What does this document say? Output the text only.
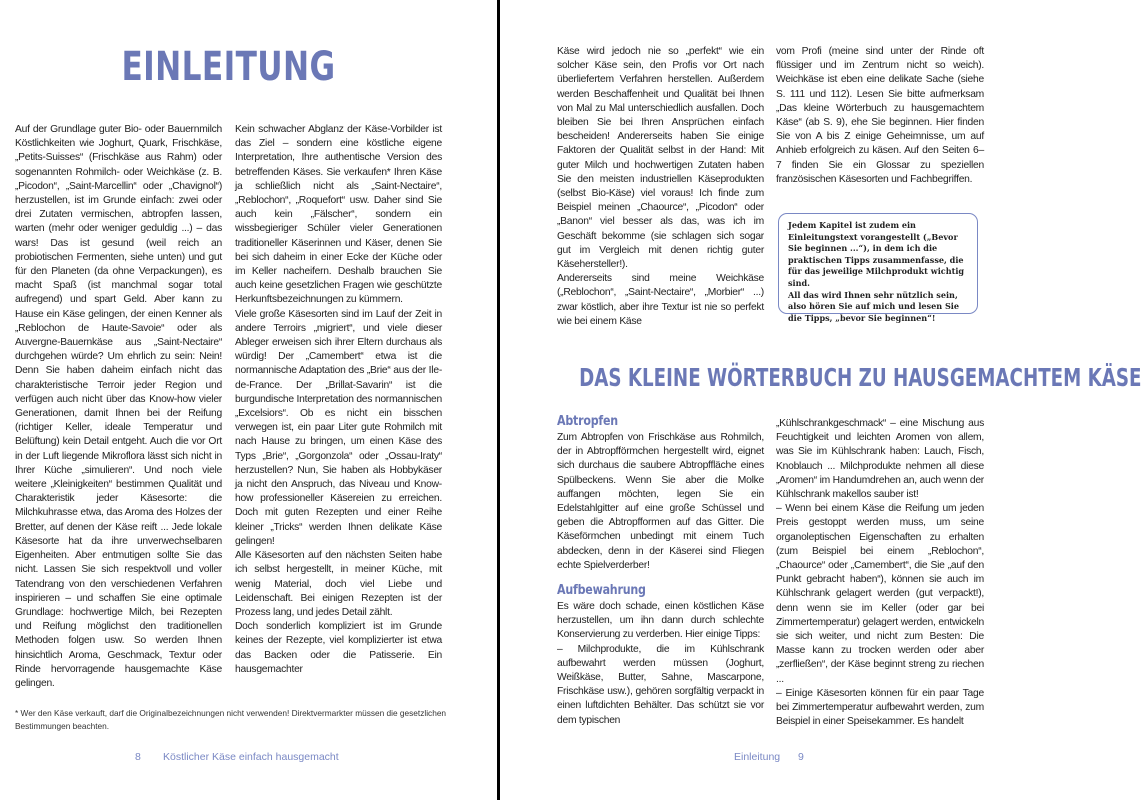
EINLEITUNG

Auf der Grundlage guter Bio- oder Bauernmilch Köstlichkeiten wie Joghurt, Quark, Frischkäse, „Petits-Suisses“ (Frischkäse aus Rahm) oder sogenannten Rohmilch- oder Weichkäse (z. B. „Picodon“, „Saint-Marcellin“ oder „Chavignol“) herzustellen, ist im Grunde einfach: zwei oder drei Zutaten vermischen, abtropfen lassen, warten (mehr oder weniger geduldig ...) – das wars! Das ist gesund (weil reich an probiotischen Fermenten, siehe unten) und gut für den Planeten (da ohne Verpackungen), es macht Spaß (ist manchmal sogar total aufregend) und spart Geld. Aber kann zu Hause ein Käse gelingen, der einen Kenner als „Reblochon de Haute-Savoie“ oder als Auvergne-Bauernkäse aus „Saint-Nectaire“ durchgehen würde? Um ehrlich zu sein: Nein! Denn Sie haben daheim einfach nicht das charakteristische Terroir jeder Region und verfügen auch nicht über das Know-how vieler Generationen, damit Ihnen bei der Reifung (richtiger Keller, ideale Temperatur und Belüftung) kein Detail entgeht. Auch die vor Ort in der Luft liegende Mikroflora lässt sich nicht in Ihrer Küche „simulieren“. Und noch viele weitere „Kleinigkeiten“ bestimmen Qualität und Charakteristik jeder Käsesorte: die Milchkuhrasse etwa, das Aroma des Holzes der Bretter, auf denen der Käse reift ... Jede lokale Käsesorte hat da ihre unverwechselbaren Eigenheiten. Aber entmutigen sollte Sie das nicht. Lassen Sie sich respektvoll und voller Tatendrang von den verschiedenen Verfahren inspirieren – und schaffen Sie eine optimale Grundlage: hochwertige Milch, bei Rezepten und Reifung möglichst den traditionellen Methoden folgen usw. So werden Ihnen hinsichtlich Aroma, Geschmack, Textur oder Rinde hervorragende hausgemachte Käse gelingen.

Kein schwacher Abglanz der Käse-Vorbilder ist das Ziel – sondern eine köstliche eigene Interpretation, Ihre authentische Version des betreffenden Käses. Sie verkaufen* Ihren Käse ja schließlich nicht als „Saint-Nectaire“, „Reblochon“, „Roquefort“ usw. Daher sind Sie auch kein „Fälscher“, sondern ein wissbegieriger Schüler vieler Generationen traditioneller Käserinnen und Käser, denen Sie bei sich daheim in einer Ecke der Küche oder im Keller nacheifern. Deshalb brauchen Sie auch keine gesetzlichen Fragen wie geschützte Herkunftsbezeichnungen zu kümmern.

Viele große Käsesorten sind im Lauf der Zeit in andere Terroirs „migriert“, und viele dieser Ableger erweisen sich ihrer Eltern durchaus als würdig! Der „Camembert“ etwa ist die normannische Adaptation des „Brie“ aus der Ile-de-France. Der „Brillat-Savarin“ ist die burgundische Interpretation des normannischen „Excelsiors“. Ob es nicht ein bisschen verwegen ist, ein paar Liter gute Rohmilch mit nach Hause zu bringen, um einen Käse des Typs „Brie“, „Gorgonzola“ oder „Ossau-Iraty“ herzustellen? Nun, Sie haben als Hobbykäser ja nicht den Anspruch, das Niveau und Know-how professioneller Käsereien zu erreichen. Doch mit guten Rezepten und einer Reihe kleiner „Tricks“ werden Ihnen delikate Käse gelingen!

Alle Käsesorten auf den nächsten Seiten habe ich selbst hergestellt, in meiner Küche, mit wenig Material, doch viel Liebe und Leidenschaft. Bei einigen Rezepten ist der Prozess lang, und jedes Detail zählt.

Doch sonderlich kompliziert ist im Grunde keines der Rezepte, viel komplizierter ist etwa das Backen oder die Patisserie. Ein hausgemachter

* Wer den Käse verkauft, darf die Originalbezeichnungen nicht verwenden! Direktvermarkter müssen die gesetzlichen Bestimmungen beachten.
8 Köstlicher Käse einfach hausgemacht

Käse wird jedoch nie so „perfekt“ wie ein solcher Käse sein, den Profis vor Ort nach überliefertem Verfahren herstellen. Außerdem werden Beschaffenheit und Qualität bei Ihnen von Mal zu Mal unterschiedlich ausfallen. Doch bleiben Sie bei Ihren Ansprüchen einfach bescheiden! Andererseits haben Sie einige Faktoren der Qualität selbst in der Hand: Mit guter Milch und hochwertigen Zutaten haben Sie den meisten industriellen Käseprodukten (selbst Bio-Käse) viel voraus! Ich finde zum Beispiel meinen „Chaource“, „Picodon“ oder „Banon“ viel besser als das, was ich im Geschäft bekomme (sie schlagen sich sogar gut im Vergleich mit denen richtig guter Käsehersteller!).

Andererseits sind meine Weichkäse („Reblochon“, „Saint-Nectaire“, „Morbier“ ...) zwar köstlich, aber ihre Textur ist nie so perfekt wie bei einem Käse

vom Profi (meine sind unter der Rinde oft flüssiger und im Zentrum nicht so weich). Weichkäse ist eben eine delikate Sache (siehe S. 111 und 112). Lesen Sie bitte aufmerksam „Das kleine Wörterbuch zu hausgemachtem Käse“ (ab S. 9), ehe Sie beginnen. Hier finden Sie von A bis Z einige Geheimnisse, um auf Anhieb erfolgreich zu käsen. Auf den Seiten 6–7 finden Sie ein Glossar zu speziellen französischen Käsesorten und Fachbegriffen.

Jedem Kapitel ist zudem ein Einleitungstext vorangestellt („Bevor Sie beginnen ...“), in dem ich die praktischen Tipps zusammenfasse, die für das jeweilige Milchprodukt wichtig sind.

All das wird Ihnen sehr nützlich sein, also hören Sie auf mich und lesen Sie die Tipps, „bevor Sie beginnen“!

DAS KLEINE WÖRTERBUCH ZU HAUSGEMACHTEM KÄSE
Abtropfen

Zum Abtropfen von Frischkäse aus Rohmilch, der in Abtropfförmchen hergestellt wird, eignet sich durchaus die saubere Abtropffläche eines Spülbeckens. Wenn Sie aber die Molke auffangen möchten, legen Sie ein Edelstahlgitter auf eine große Schüssel und geben die Abtropfformen auf das Gitter. Die Käseförmchen unbedingt mit einem Tuch abdecken, denn in der Käserei sind Fliegen echte Spielverderber!

Aufbewahrung

Es wäre doch schade, einen köstlichen Käse herzustellen, um ihn dann durch schlechte Konservierung zu verderben. Hier einige Tipps:

– Milchprodukte, die im Kühlschrank aufbewahrt werden müssen (Joghurt, Weißkäse, Butter, Sahne, Mascarpone, Frischkäse usw.), gehören sorgfältig verpackt in einen luftdichten Behälter. Das schützt sie vor dem typischen

„Kühlschrankgeschmack“ – eine Mischung aus Feuchtigkeit und leichten Aromen von allem, was Sie im Kühlschrank haben: Lauch, Fisch, Knoblauch ... Milchprodukte nehmen all diese „Aromen“ im Handumdrehen an, auch wenn der Kühlschrank makellos sauber ist!

– Wenn bei einem Käse die Reifung um jeden Preis gestoppt werden muss, um seine organoleptischen Eigenschaften zu erhalten (zum Beispiel bei einem „Reblochon“, „Chaource“ oder „Camembert“, die Sie „auf den Punkt gebracht haben“), können sie auch im Kühlschrank gelagert werden (gut verpackt!), denn wenn sie im Keller (oder gar bei Zimmertemperatur) gelagert werden, entwickeln sie sich weiter, und nicht zum Besten: Die Masse kann zu trocken werden oder aber „zerfließen“, der Käse beginnt streng zu riechen ...

– Einige Käsesorten können für ein paar Tage bei Zimmertemperatur aufbewahrt werden, zum Beispiel in einer Speisekammer. Es handelt

Einleitung 9
